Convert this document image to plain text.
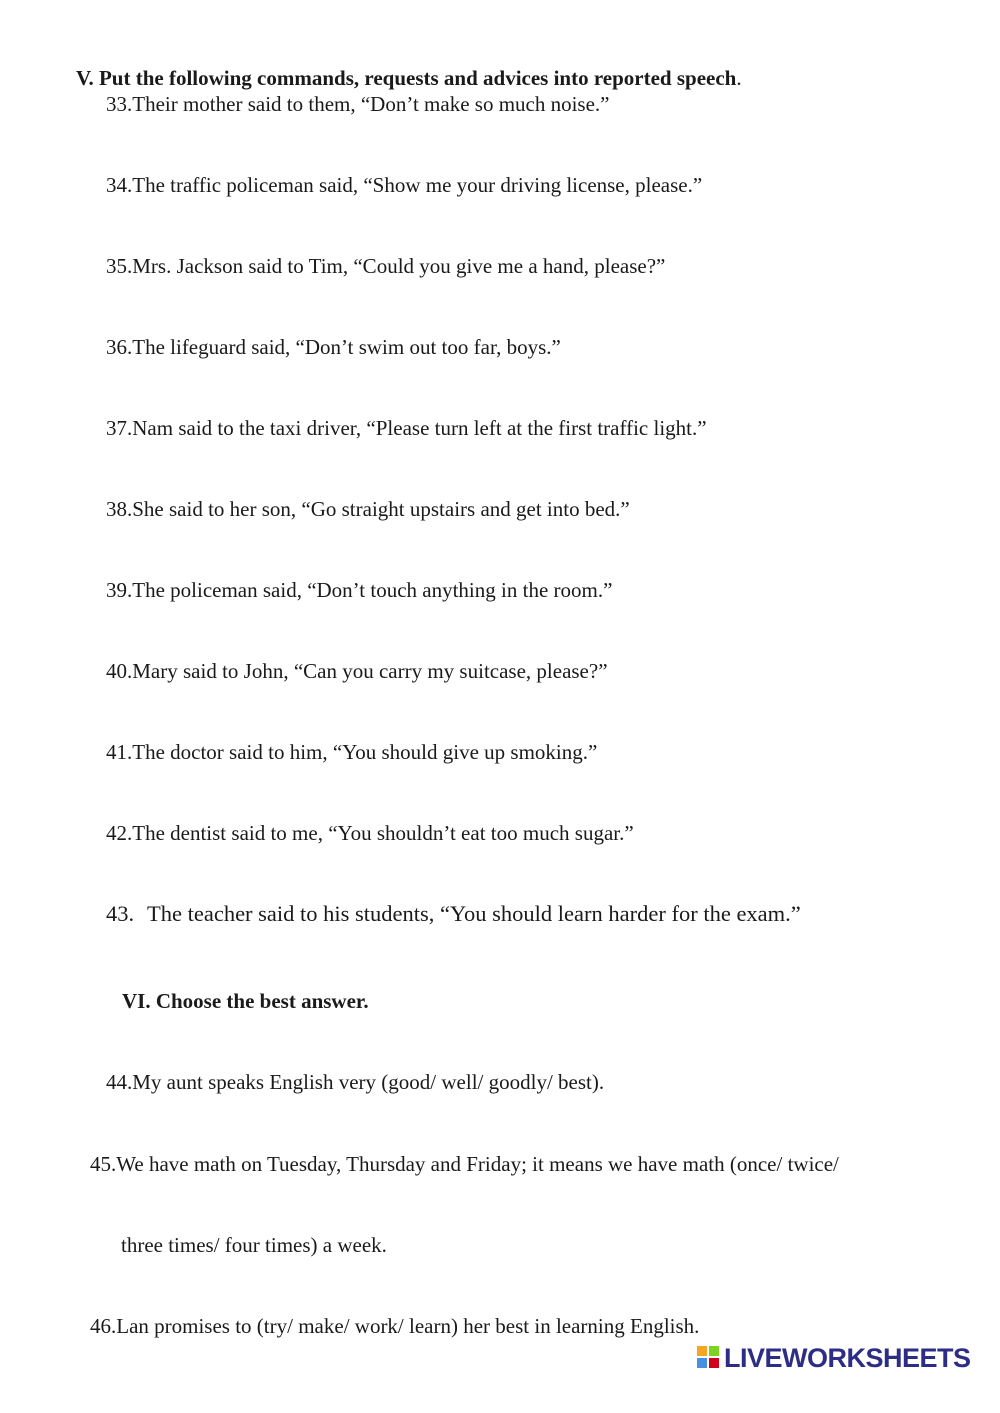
V. Put the following commands, requests and advices into reported speech.
33.Their mother said to them, “Don’t make so much noise.”
34.The traffic policeman said, “Show me your driving license, please.”
35.Mrs. Jackson said to Tim, “Could you give me a hand, please?”
36.The lifeguard said, “Don’t swim out too far, boys.”
37.Nam said to the taxi driver, “Please turn left at the first traffic light.”
38.She said to her son, “Go straight upstairs and get into bed.”
39.The policeman said, “Don’t touch anything in the room.”
40.Mary said to John, “Can you carry my suitcase, please?”
41.The doctor said to him, “You should give up smoking.”
42.The dentist said to me, “You shouldn’t eat too much sugar.”
43. The teacher said to his students, “You should learn harder for the exam.”
VI. Choose the best answer.
44.My aunt speaks English very (good/ well/ goodly/ best).
45.We have math on Tuesday, Thursday and Friday; it means we have math (once/ twice/
three times/ four times) a week.
46.Lan promises to (try/ make/ work/ learn) her best in learning English.
LIVEWORKSHEETS
